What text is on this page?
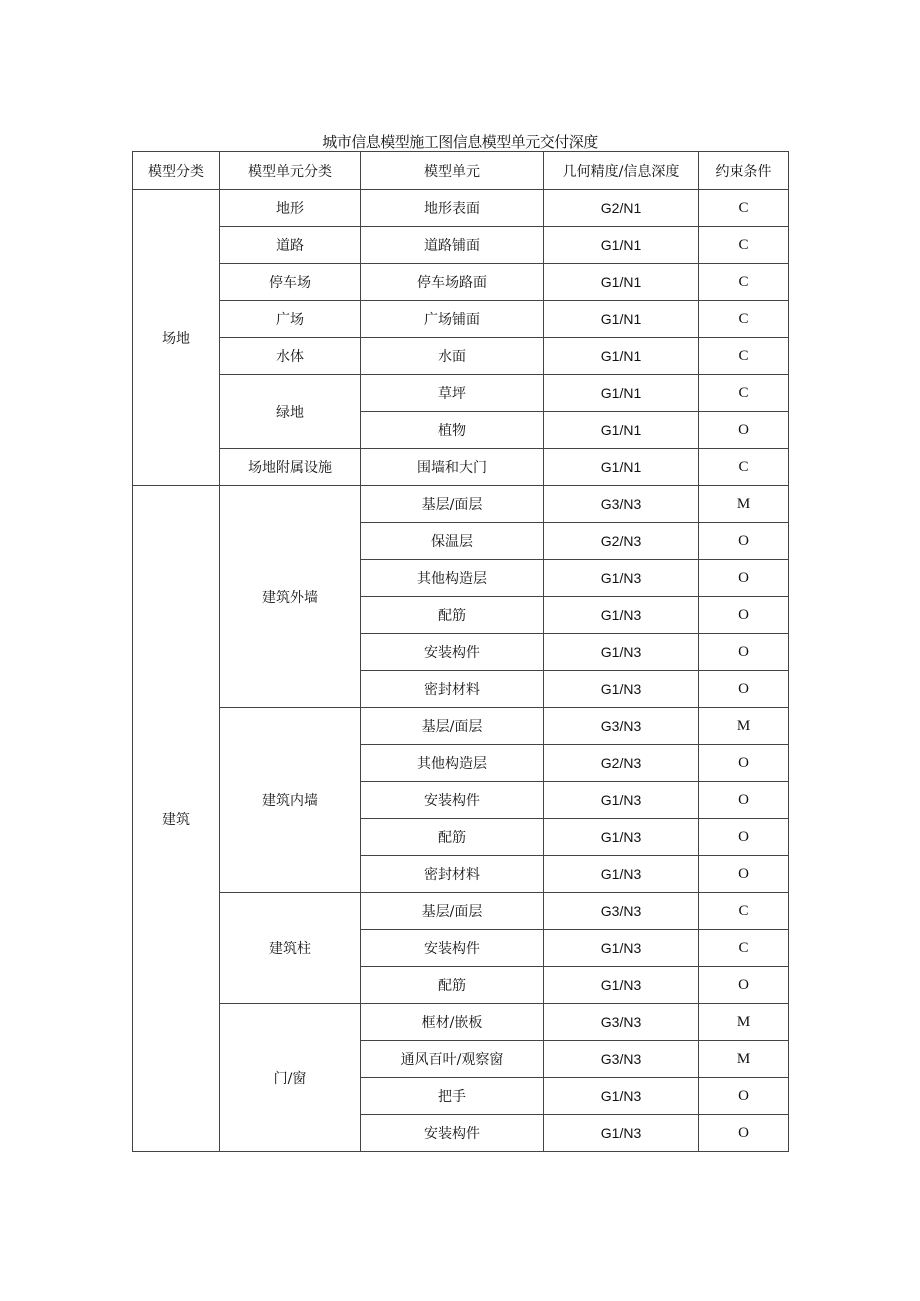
城市信息模型施工图信息模型单元交付深度
模型分类	模型单元分类	模型单元	几何精度/信息深度	约束条件
场地	地形	地形表面	G2/N1	C
	道路	道路铺面	G1/N1	C
	停车场	停车场路面	G1/N1	C
	广场	广场铺面	G1/N1	C
	水体	水面	G1/N1	C
	绿地	草坪	G1/N1	C
		植物	G1/N1	O
	场地附属设施	围墙和大门	G1/N1	C
建筑	建筑外墙	基层/面层	G3/N3	M
		保温层	G2/N3	O
		其他构造层	G1/N3	O
		配筋	G1/N3	O
		安装构件	G1/N3	O
		密封材料	G1/N3	O
	建筑内墙	基层/面层	G3/N3	M
		其他构造层	G2/N3	O
		安装构件	G1/N3	O
		配筋	G1/N3	O
		密封材料	G1/N3	O
	建筑柱	基层/面层	G3/N3	C
		安装构件	G1/N3	C
		配筋	G1/N3	O
	门/窗	框材/嵌板	G3/N3	M
		通风百叶/观察窗	G3/N3	M
		把手	G1/N3	O
		安装构件	G1/N3	O
